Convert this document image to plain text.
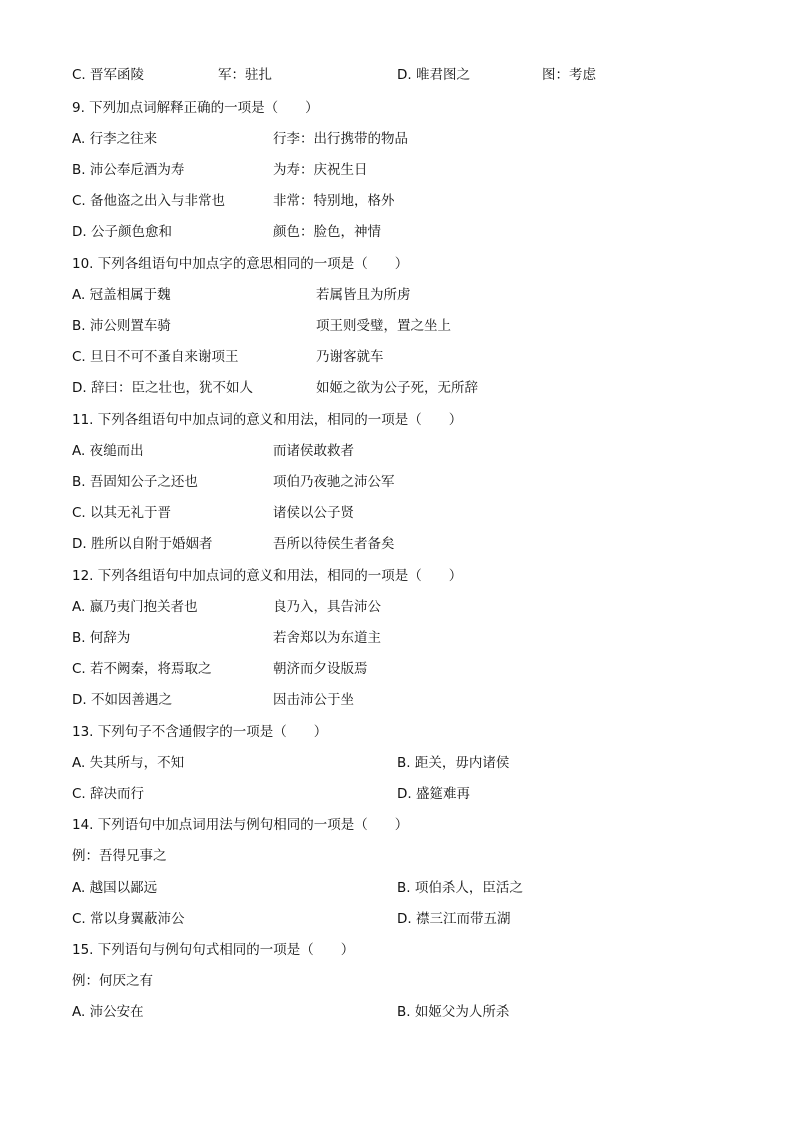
C. 晋军函陵	军：驻扎	D. 唯君图之	图：考虑
9. 下列加点词解释正确的一项是（　　）
A. 行李之往来	行李：出行携带的物品
B. 沛公奉卮酒为寿	为寿：庆祝生日
C. 备他盗之出入与非常也	非常：特别地，格外
D. 公子颜色愈和	颜色：脸色，神情
10. 下列各组语句中加点字的意思相同的一项是（　　）
A. 冠盖相属于魏	若属皆且为所虏
B. 沛公则置车骑	项王则受璧，置之坐上
C. 旦日不可不蚤自来谢项王	乃谢客就车
D. 辞曰：臣之壮也，犹不如人	如姬之欲为公子死，无所辞
11. 下列各组语句中加点词的意义和用法，相同的一项是（　　）
A. 夜缒而出	而诸侯敢救者
B. 吾固知公子之还也	项伯乃夜驰之沛公军
C. 以其无礼于晋	诸侯以公子贤
D. 胜所以自附于婚姻者	吾所以待侯生者备矣
12. 下列各组语句中加点词的意义和用法，相同的一项是（　　）
A. 嬴乃夷门抱关者也	良乃入，具告沛公
B. 何辞为	若舍郑以为东道主
C. 若不阙秦，将焉取之	朝济而夕设版焉
D. 不如因善遇之	因击沛公于坐
13. 下列句子不含通假字的一项是（　　）
A. 失其所与，不知	B. 距关，毋内诸侯
C. 辞决而行	D. 盛筵难再
14. 下列语句中加点词用法与例句相同的一项是（　　）
例：吾得兄事之
A. 越国以鄙远	B. 项伯杀人，臣活之
C. 常以身翼蔽沛公	D. 襟三江而带五湖
15. 下列语句与例句句式相同的一项是（　　）
例：何厌之有
A. 沛公安在	B. 如姬父为人所杀
